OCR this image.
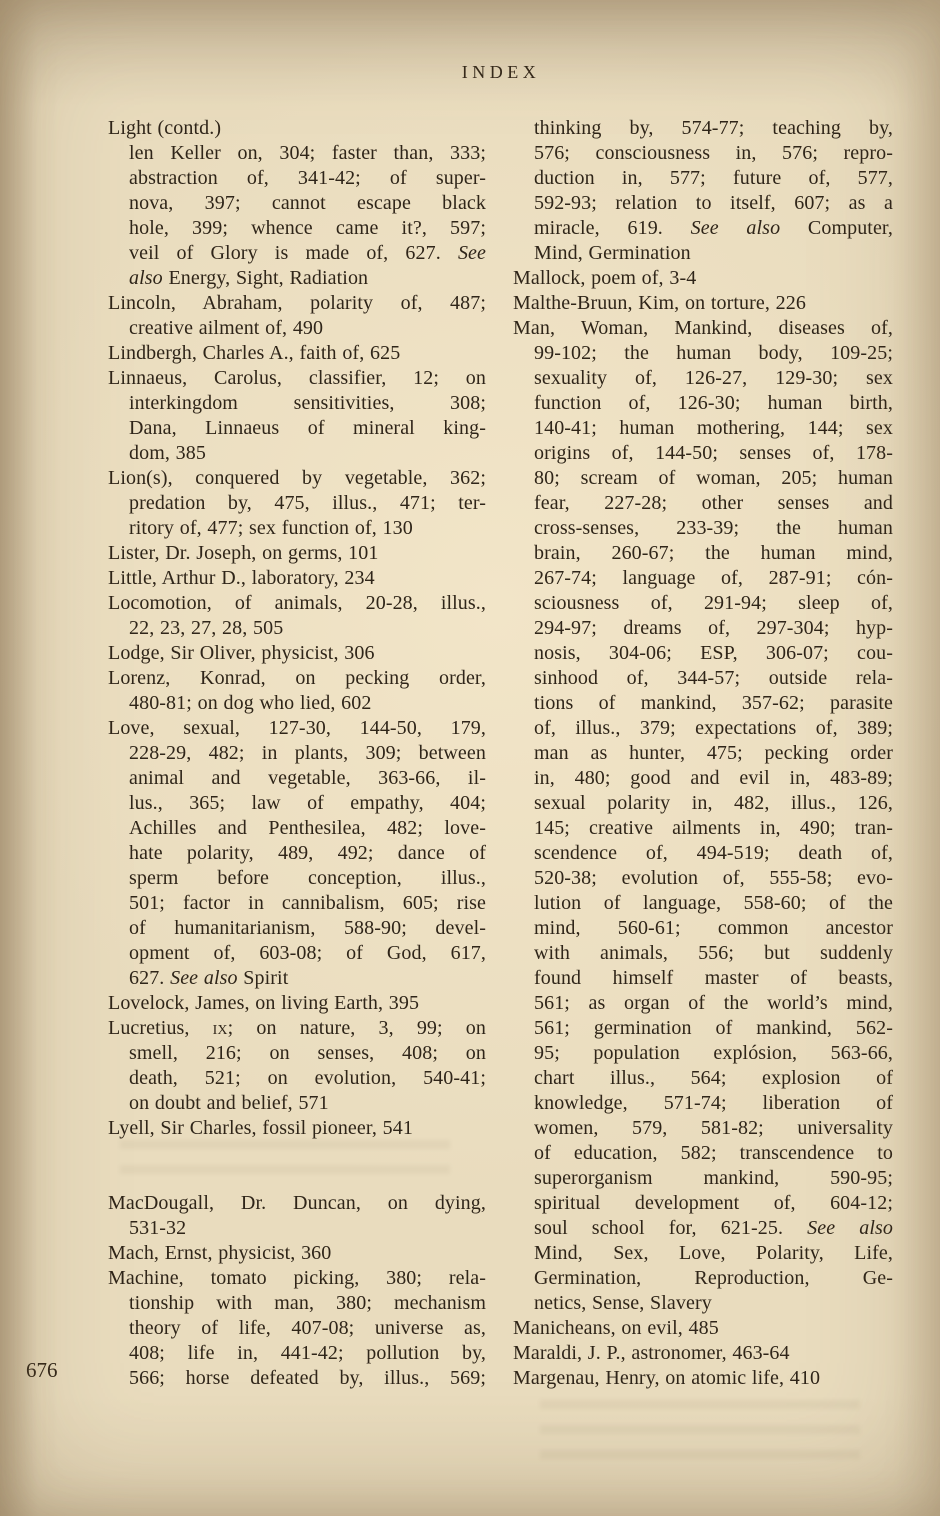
INDEX
676
Light (contd.)
len Keller on, 304; faster than, 333;
abstraction of, 341-42; of super-
nova, 397; cannot escape black
hole, 399; whence came it?, 597;
veil of Glory is made of, 627. See
also Energy, Sight, Radiation
Lincoln, Abraham, polarity of, 487;
creative ailment of, 490
Lindbergh, Charles A., faith of, 625
Linnaeus, Carolus, classifier, 12; on
interkingdom sensitivities, 308;
Dana, Linnaeus of mineral king-
dom, 385
Lion(s), conquered by vegetable, 362;
predation by, 475, illus., 471; ter-
ritory of, 477; sex function of, 130
Lister, Dr. Joseph, on germs, 101
Little, Arthur D., laboratory, 234
Locomotion, of animals, 20-28, illus.,
22, 23, 27, 28, 505
Lodge, Sir Oliver, physicist, 306
Lorenz, Konrad, on pecking order,
480-81; on dog who lied, 602
Love, sexual, 127-30, 144-50, 179,
228-29, 482; in plants, 309; between
animal and vegetable, 363-66, il-
lus., 365; law of empathy, 404;
Achilles and Penthesilea, 482; love-
hate polarity, 489, 492; dance of
sperm before conception, illus.,
501; factor in cannibalism, 605; rise
of humanitarianism, 588-90; devel-
opment of, 603-08; of God, 617,
627. See also Spirit
Lovelock, James, on living Earth, 395
Lucretius, ix; on nature, 3, 99; on
smell, 216; on senses, 408; on
death, 521; on evolution, 540-41;
on doubt and belief, 571
Lyell, Sir Charles, fossil pioneer, 541
MacDougall, Dr. Duncan, on dying,
531-32
Mach, Ernst, physicist, 360
Machine, tomato picking, 380; rela-
tionship with man, 380; mechanism
theory of life, 407-08; universe as,
408; life in, 441-42; pollution by,
566; horse defeated by, illus., 569;
thinking by, 574-77; teaching by,
576; consciousness in, 576; repro-
duction in, 577; future of, 577,
592-93; relation to itself, 607; as a
miracle, 619. See also Computer,
Mind, Germination
Mallock, poem of, 3-4
Malthe-Bruun, Kim, on torture, 226
Man, Woman, Mankind, diseases of,
99-102; the human body, 109-25;
sexuality of, 126-27, 129-30; sex
function of, 126-30; human birth,
140-41; human mothering, 144; sex
origins of, 144-50; senses of, 178-
80; scream of woman, 205; human
fear, 227-28; other senses and
cross-senses, 233-39; the human
brain, 260-67; the human mind,
267-74; language of, 287-91; cón-
sciousness of, 291-94; sleep of,
294-97; dreams of, 297-304; hyp-
nosis, 304-06; ESP, 306-07; cou-
sinhood of, 344-57; outside rela-
tions of mankind, 357-62; parasite
of, illus., 379; expectations of, 389;
man as hunter, 475; pecking order
in, 480; good and evil in, 483-89;
sexual polarity in, 482, illus., 126,
145; creative ailments in, 490; tran-
scendence of, 494-519; death of,
520-38; evolution of, 555-58; evo-
lution of language, 558-60; of the
mind, 560-61; common ancestor
with animals, 556; but suddenly
found himself master of beasts,
561; as organ of the world’s mind,
561; germination of mankind, 562-
95; population explósion, 563-66,
chart illus., 564; explosion of
knowledge, 571-74; liberation of
women, 579, 581-82; universality
of education, 582; transcendence to
superorganism mankind, 590-95;
spiritual development of, 604-12;
soul school for, 621-25. See also
Mind, Sex, Love, Polarity, Life,
Germination, Reproduction, Ge-
netics, Sense, Slavery
Manicheans, on evil, 485
Maraldi, J. P., astronomer, 463-64
Margenau, Henry, on atomic life, 410
